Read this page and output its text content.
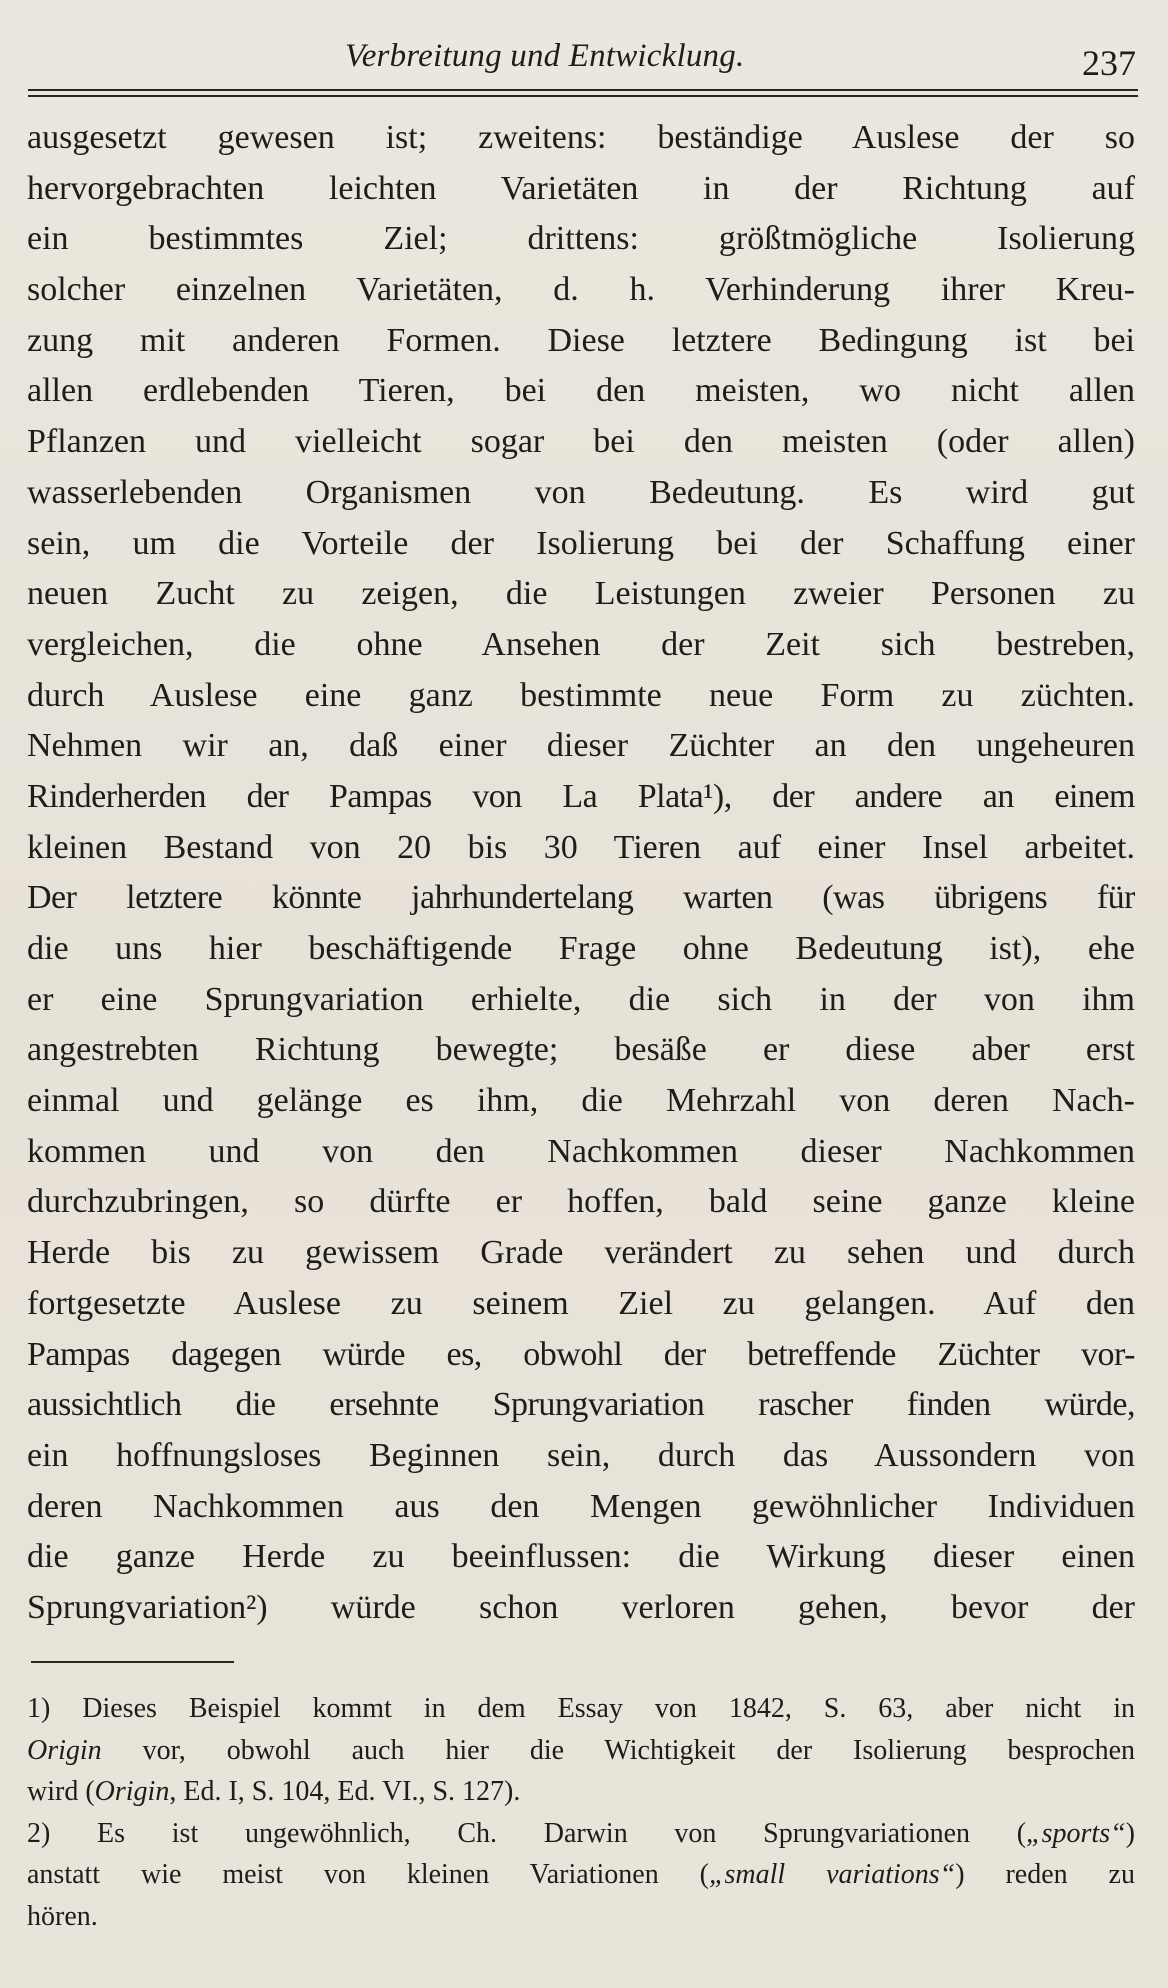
Verbreitung und Entwicklung.	237
ausgesetzt gewesen ist; zweitens: beständige Auslese der so
hervorgebrachten leichten Varietäten in der Richtung auf
ein bestimmtes Ziel; drittens: größtmögliche Isolierung
solcher einzelnen Varietäten, d. h. Verhinderung ihrer Kreu-
zung mit anderen Formen. Diese letztere Bedingung ist bei
allen erdlebenden Tieren, bei den meisten, wo nicht allen
Pflanzen und vielleicht sogar bei den meisten (oder allen)
wasserlebenden Organismen von Bedeutung. Es wird gut
sein, um die Vorteile der Isolierung bei der Schaffung einer
neuen Zucht zu zeigen, die Leistungen zweier Personen zu
vergleichen, die ohne Ansehen der Zeit sich bestreben,
durch Auslese eine ganz bestimmte neue Form zu züchten.
Nehmen wir an, daß einer dieser Züchter an den ungeheuren
Rinderherden der Pampas von La Plata¹), der andere an einem
kleinen Bestand von 20 bis 30 Tieren auf einer Insel arbeitet.
Der letztere könnte jahrhundertelang warten (was übrigens für
die uns hier beschäftigende Frage ohne Bedeutung ist), ehe
er eine Sprungvariation erhielte, die sich in der von ihm
angestrebten Richtung bewegte; besäße er diese aber erst
einmal und gelänge es ihm, die Mehrzahl von deren Nach-
kommen und von den Nachkommen dieser Nachkommen
durchzubringen, so dürfte er hoffen, bald seine ganze kleine
Herde bis zu gewissem Grade verändert zu sehen und durch
fortgesetzte Auslese zu seinem Ziel zu gelangen. Auf den
Pampas dagegen würde es, obwohl der betreffende Züchter vor-
aussichtlich die ersehnte Sprungvariation rascher finden würde,
ein hoffnungsloses Beginnen sein, durch das Aussondern von
deren Nachkommen aus den Mengen gewöhnlicher Individuen
die ganze Herde zu beeinflussen: die Wirkung dieser einen
Sprungvariation²) würde schon verloren gehen, bevor der
1) Dieses Beispiel kommt in dem Essay von 1842, S. 63, aber nicht in
Origin vor, obwohl auch hier die Wichtigkeit der Isolierung besprochen
wird (Origin, Ed. I, S. 104, Ed. VI., S. 127).
2) Es ist ungewöhnlich, Ch. Darwin von Sprungvariationen („sports“)
anstatt wie meist von kleinen Variationen („small variations“) reden zu
hören.
